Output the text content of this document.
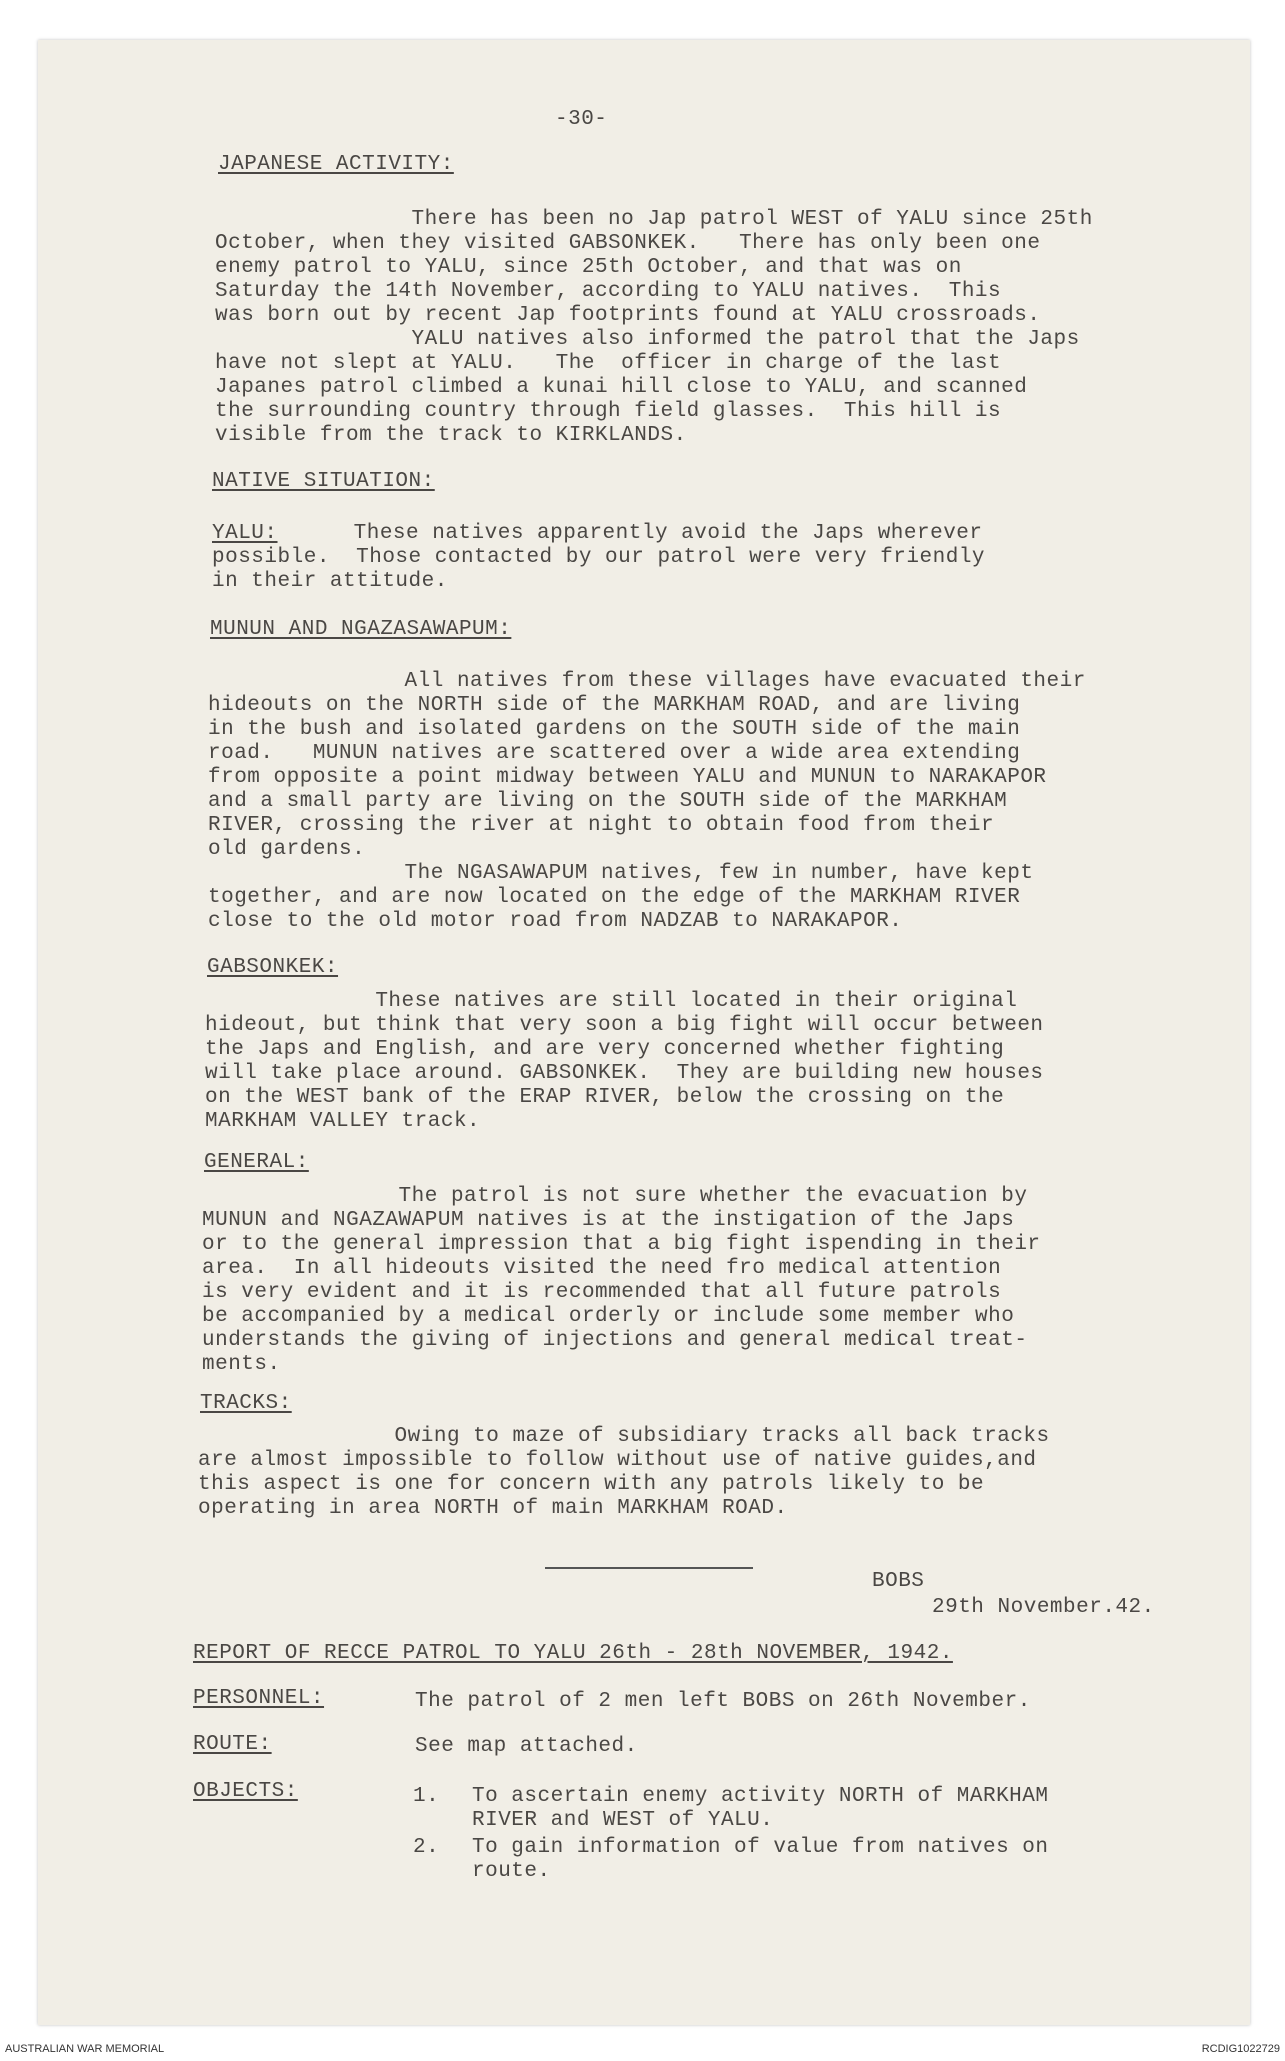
-30-
JAPANESE ACTIVITY:
There has been no Jap patrol WEST of YALU since 25th
October, when they visited GABSONKEK.   There has only been one
enemy patrol to YALU, since 25th October, and that was on
Saturday the 14th November, according to YALU natives.  This
was born out by recent Jap footprints found at YALU crossroads.
YALU natives also informed the patrol that the Japs
have not slept at YALU.   The  officer in charge of the last
Japanes patrol climbed a kunai hill close to YALU, and scanned
the surrounding country through field glasses.  This hill is
visible from the track to KIRKLANDS.
NATIVE SITUATION:
YALU:
These natives apparently avoid the Japs wherever
possible.  Those contacted by our patrol were very friendly
in their attitude.
MUNUN AND NGAZASAWAPUM:
All natives from these villages have evacuated their
hideouts on the NORTH side of the MARKHAM ROAD, and are living
in the bush and isolated gardens on the SOUTH side of the main
road.   MUNUN natives are scattered over a wide area extending
from opposite a point midway between YALU and MUNUN to NARAKAPOR
and a small party are living on the SOUTH side of the MARKHAM
RIVER, crossing the river at night to obtain food from their
old gardens.
The NGASAWAPUM natives, few in number, have kept
together, and are now located on the edge of the MARKHAM RIVER
close to the old motor road from NADZAB to NARAKAPOR.
GABSONKEK:
These natives are still located in their original
hideout, but think that very soon a big fight will occur between
the Japs and English, and are very concerned whether fighting
will take place around. GABSONKEK.  They are building new houses
on the WEST bank of the ERAP RIVER, below the crossing on the
MARKHAM VALLEY track.
GENERAL:
The patrol is not sure whether the evacuation by
MUNUN and NGAZAWAPUM natives is at the instigation of the Japs
or to the general impression that a big fight ispending in their
area.  In all hideouts visited the need fro medical attention
is very evident and it is recommended that all future patrols
be accompanied by a medical orderly or include some member who
understands the giving of injections and general medical treat-
ments.
TRACKS:
Owing to maze of subsidiary tracks all back tracks
are almost impossible to follow without use of native guides,and
this aspect is one for concern with any patrols likely to be
operating in area NORTH of main MARKHAM ROAD.
BOBS
29th November.42.
REPORT OF RECCE PATROL TO YALU 26th - 28th NOVEMBER, 1942.
PERSONNEL:	The patrol of 2 men left BOBS on 26th November.
ROUTE:	See map attached.
OBJECTS:	1. To ascertain enemy activity NORTH of MARKHAM
RIVER and WEST of YALU.
2. To gain information of value from natives on
route.
AUSTRALIAN WAR MEMORIAL	RCDIG1022729
